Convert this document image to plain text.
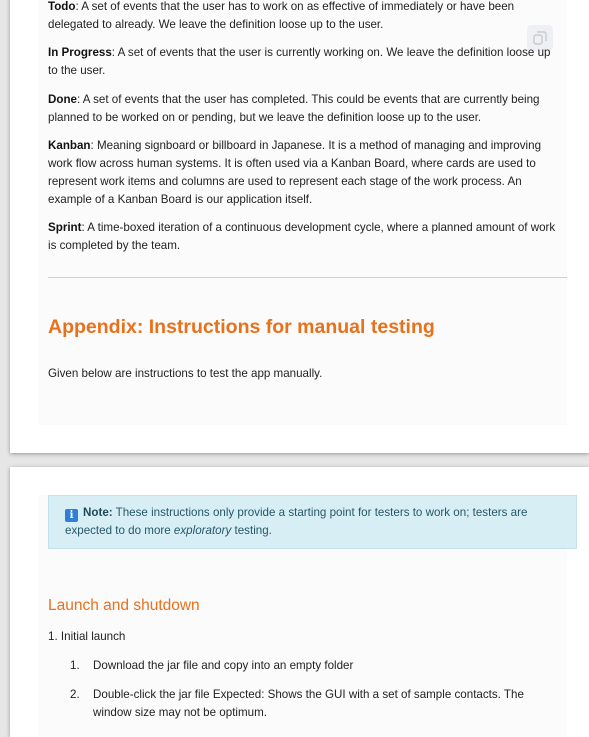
Todo: A set of events that the user has to work on as effective of immediately or have been delegated to already. We leave the definition loose up to the user.

In Progress: A set of events that the user is currently working on. We leave the definition loose up to the user.

Done: A set of events that the user has completed. This could be events that are currently being planned to be worked on or pending, but we leave the definition loose up to the user.

Kanban: Meaning signboard or billboard in Japanese. It is a method of managing and improving work flow across human systems. It is often used via a Kanban Board, where cards are used to represent work items and columns are used to represent each stage of the work process. An example of a Kanban Board is our application itself.

Sprint: A time-boxed iteration of a continuous development cycle, where a planned amount of work is completed by the team.

Appendix: Instructions for manual testing

Given below are instructions to test the app manually.

i Note: These instructions only provide a starting point for testers to work on; testers are expected to do more exploratory testing.
Launch and shutdown

1. Initial launch

1.	Download the jar file and copy into an empty folder

2.	Double-click the jar file Expected: Shows the GUI with a set of sample contacts. The window size may not be optimum.
